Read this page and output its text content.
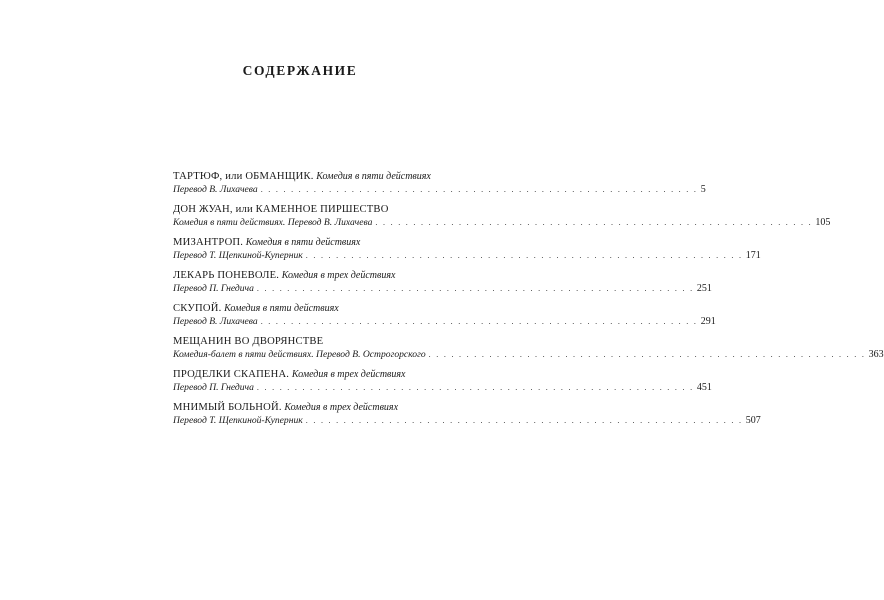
СОДЕРЖАНИЕ
ТАРТЮФ, или ОБМАНЩИК. Комедия в пяти действиях
Перевод В. Лихачева . . . . . . . . . . . . . . . . . . . . . . . . . . . . . . . . . . . . . . . . . . . . . . . . . . . . . . . . . . 5
ДОН ЖУАН, или КАМЕННОЕ ПИРШЕСТВО
Комедия в пяти действиях. Перевод В. Лихачева . . . . . . . . . . . . . . . . . . . . . . . . . . . . . . . . . . . . . . . . . . . . . . . . . . . . . . . . . . 105
МИЗАНТРОП. Комедия в пяти действиях
Перевод Т. Щепкиной-Куперник . . . . . . . . . . . . . . . . . . . . . . . . . . . . . . . . . . . . . . . . . . . . . . . . . . . . . . . . . . 171
ЛЕКАРЬ ПОНЕВОЛЕ. Комедия в трех действиях
Перевод П. Гнедича . . . . . . . . . . . . . . . . . . . . . . . . . . . . . . . . . . . . . . . . . . . . . . . . . . . . . . . . . . 251
СКУПОЙ. Комедия в пяти действиях
Перевод В. Лихачева . . . . . . . . . . . . . . . . . . . . . . . . . . . . . . . . . . . . . . . . . . . . . . . . . . . . . . . . . . 291
МЕЩАНИН ВО ДВОРЯНСТВЕ
Комедия-балет в пяти действиях. Перевод В. Острогорского . . . . . . . . . . . . . . . . . . . . . . . . . . . . . . . . . . . . . . . . . . . . . . . . . . . . . . . . . . 363
ПРОДЕЛКИ СКАПЕНА. Комедия в трех действиях
Перевод П. Гнедича . . . . . . . . . . . . . . . . . . . . . . . . . . . . . . . . . . . . . . . . . . . . . . . . . . . . . . . . . . 451
МНИМЫЙ БОЛЬНОЙ. Комедия в трех действиях
Перевод Т. Щепкиной-Куперник . . . . . . . . . . . . . . . . . . . . . . . . . . . . . . . . . . . . . . . . . . . . . . . . . . . . . . . . . . 507
